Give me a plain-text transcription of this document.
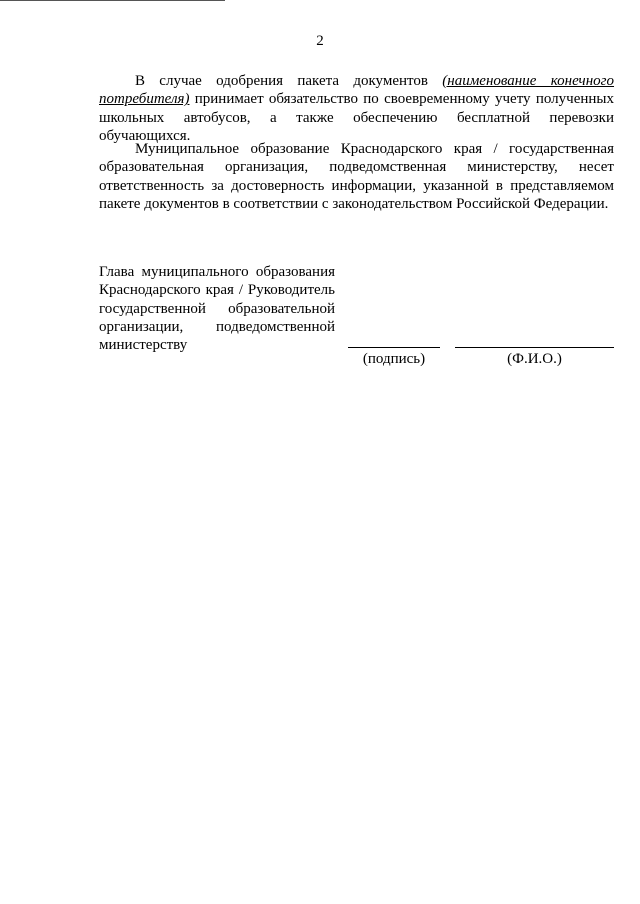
2

В случае одобрения пакета документов (наименование конечного потребителя) принимает обязательство по своевременному учету полученных школьных автобусов, а также обеспечению бесплатной перевозки обучающихся.

Муниципальное образование Краснодарского края / государственная образовательная организация, подведомственная министерству, несет ответственность за достоверность информации, указанной в представляемом пакете документов в соответствии с законодательством Российской Федерации.

Глава муниципального образования Краснодарского края / Руководитель государственной образовательной организации, подведомственной министерству

(подпись)	(Ф.И.О.)
